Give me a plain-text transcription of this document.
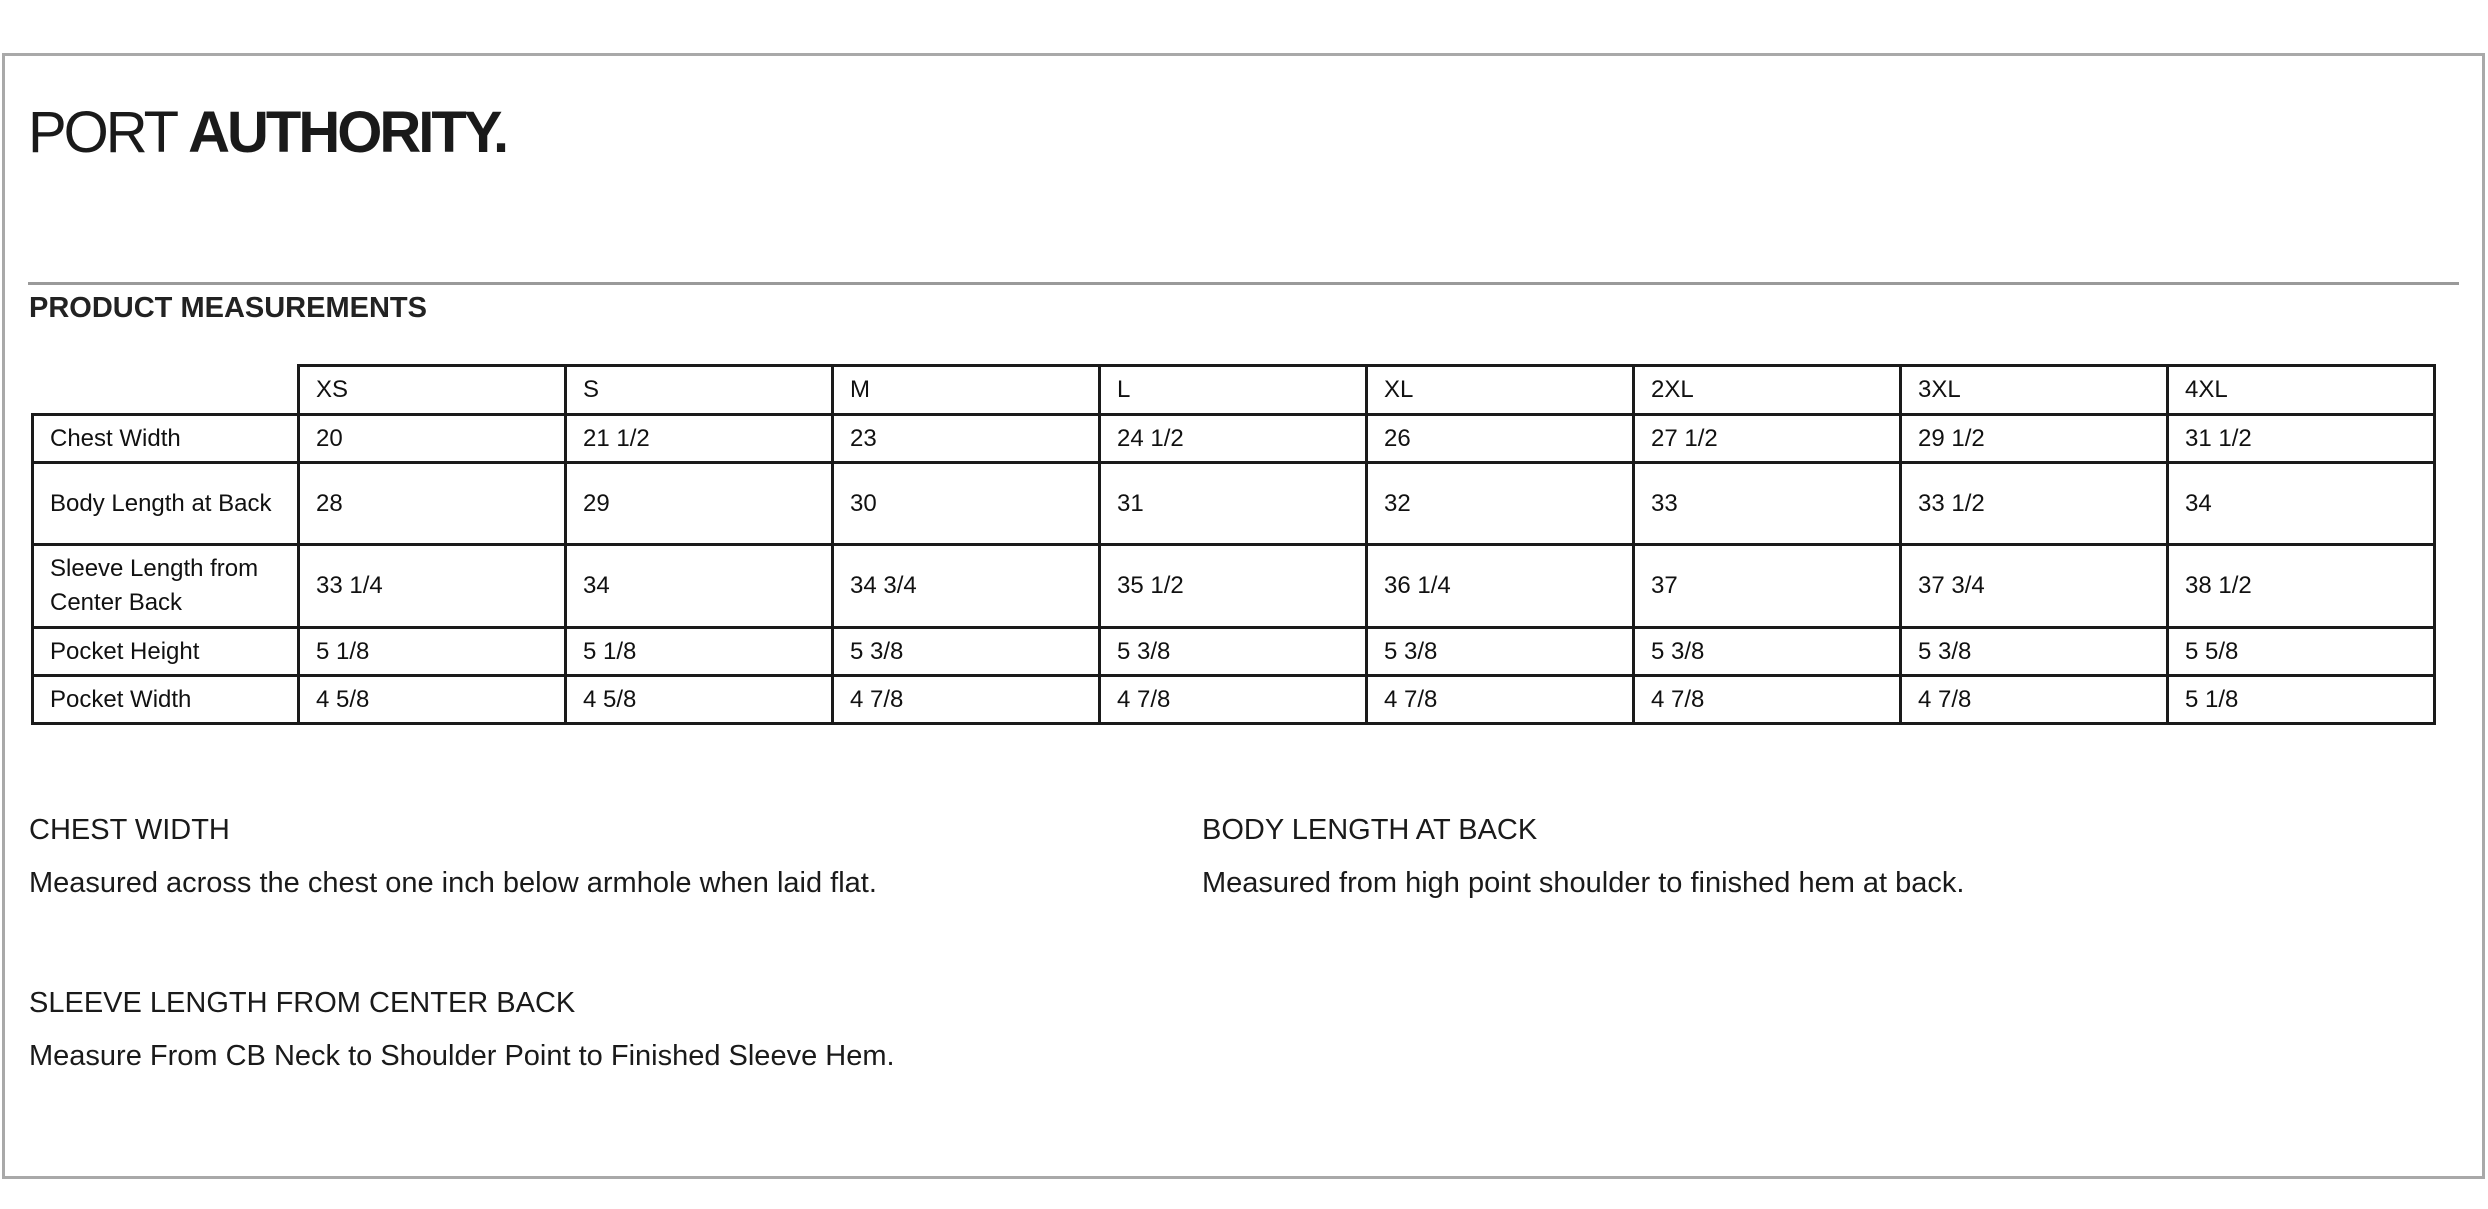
PORT AUTHORITY.
PRODUCT MEASUREMENTS
	XS	S	M	L	XL	2XL	3XL	4XL
Chest Width	20	21 1/2	23	24 1/2	26	27 1/2	29 1/2	31 1/2
Body Length at Back	28	29	30	31	32	33	33 1/2	34
Sleeve Length from Center Back	33 1/4	34	34 3/4	35 1/2	36 1/4	37	37 3/4	38 1/2
Pocket Height	5 1/8	5 1/8	5 3/8	5 3/8	5 3/8	5 3/8	5 3/8	5 5/8
Pocket Width	4 5/8	4 5/8	4 7/8	4 7/8	4 7/8	4 7/8	4 7/8	5 1/8
CHEST WIDTH
Measured across the chest one inch below armhole when laid flat.
BODY LENGTH AT BACK
Measured from high point shoulder to finished hem at back.
SLEEVE LENGTH FROM CENTER BACK
Measure From CB Neck to Shoulder Point to Finished Sleeve Hem.
